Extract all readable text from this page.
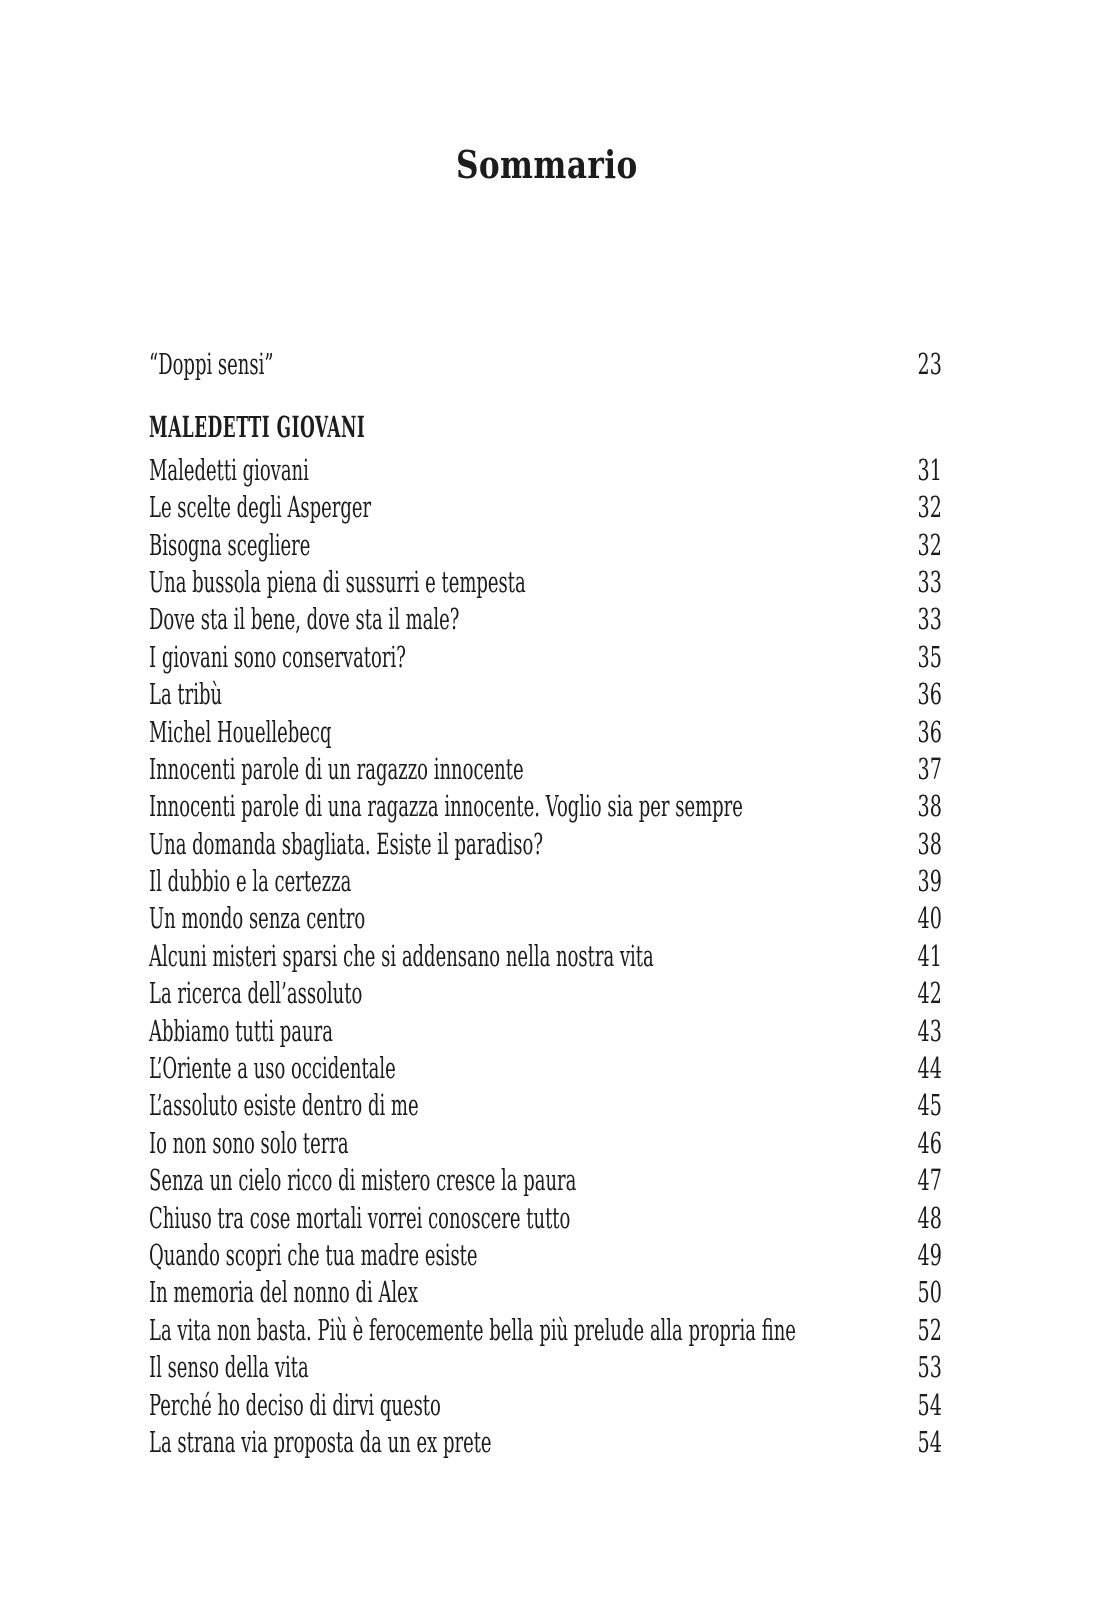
Sommario
“Doppi sensi”	23
MALEDETTI GIOVANI
Maledetti giovani	31
Le scelte degli Asperger	32
Bisogna scegliere	32
Una bussola piena di sussurri e tempesta	33
Dove sta il bene, dove sta il male?	33
I giovani sono conservatori?	35
La tribù	36
Michel Houellebecq	36
Innocenti parole di un ragazzo innocente	37
Innocenti parole di una ragazza innocente. Voglio sia per sempre	38
Una domanda sbagliata. Esiste il paradiso?	38
Il dubbio e la certezza	39
Un mondo senza centro	40
Alcuni misteri sparsi che si addensano nella nostra vita	41
La ricerca dell’assoluto	42
Abbiamo tutti paura	43
L’Oriente a uso occidentale	44
L’assoluto esiste dentro di me	45
Io non sono solo terra	46
Senza un cielo ricco di mistero cresce la paura	47
Chiuso tra cose mortali vorrei conoscere tutto	48
Quando scopri che tua madre esiste	49
In memoria del nonno di Alex	50
La vita non basta. Più è ferocemente bella più prelude alla propria fine	52
Il senso della vita	53
Perché ho deciso di dirvi questo	54
La strana via proposta da un ex prete	54
